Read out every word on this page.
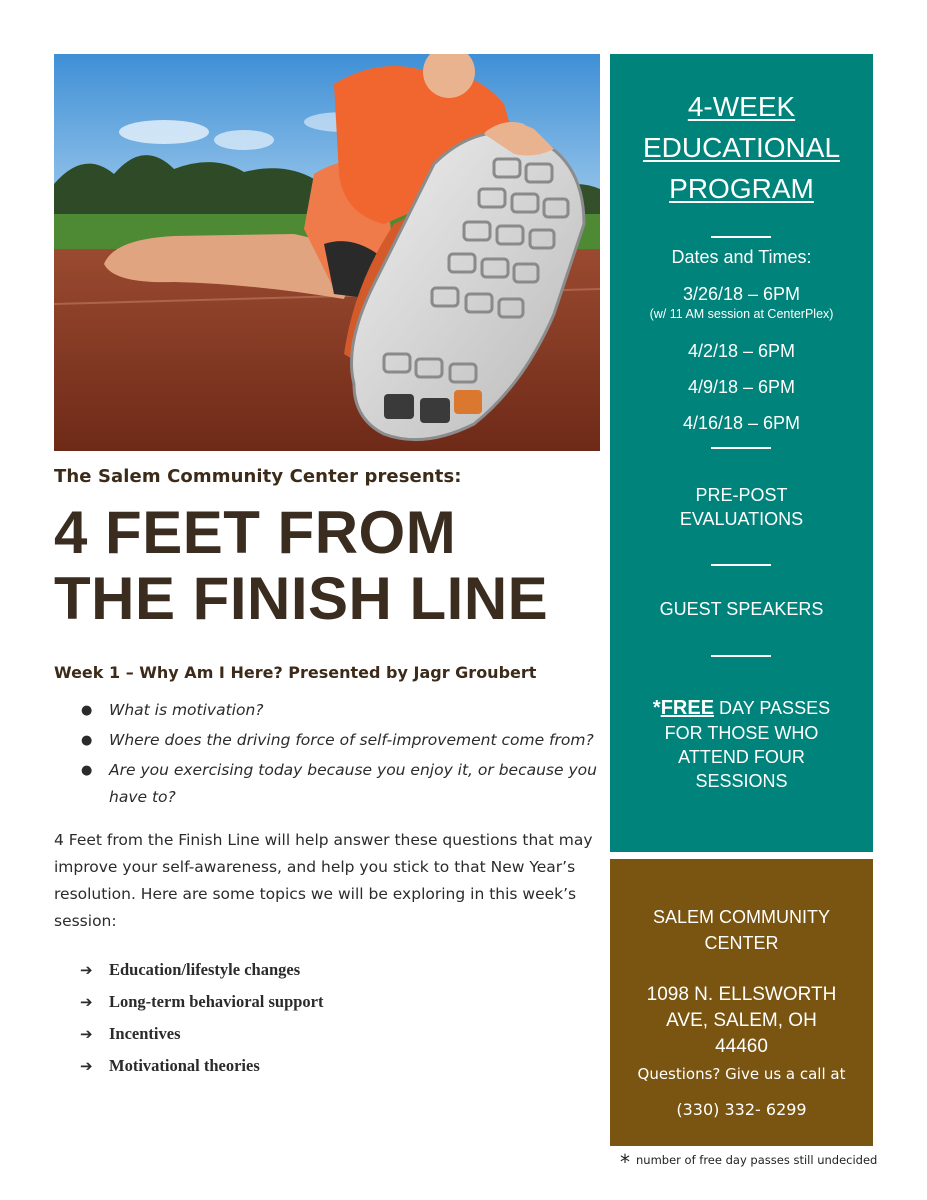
The Salem Community Center presents:
4 FEET FROM
THE FINISH LINE
Week 1 – Why Am I Here? Presented by Jagr Groubert
● What is motivation?
● Where does the driving force of self-improvement come from?
● Are you exercising today because you enjoy it, or because you have to?

4 Feet from the Finish Line will help answer these questions that may improve your self-awareness, and help you stick to that New Year’s resolution. Here are some topics we will be exploring in this week’s session:

➔ Education/lifestyle changes
➔ Long-term behavioral support
➔ Incentives
➔ Motivational theories
4-WEEK
EDUCATIONAL
PROGRAM
Dates and Times:
3/26/18 – 6PM
(w/ 11 AM session at CenterPlex)
4/2/18 – 6PM
4/9/18 – 6PM
4/16/18 – 6PM
PRE-POST
EVALUATIONS
GUEST SPEAKERS
*FREE DAY PASSES
FOR THOSE WHO
ATTEND FOUR
SESSIONS
SALEM COMMUNITY
CENTER
1098 N. ELLSWORTH
AVE, SALEM, OH
44460
Questions? Give us a call at
(330) 332- 6299
* number of free day passes still undecided
